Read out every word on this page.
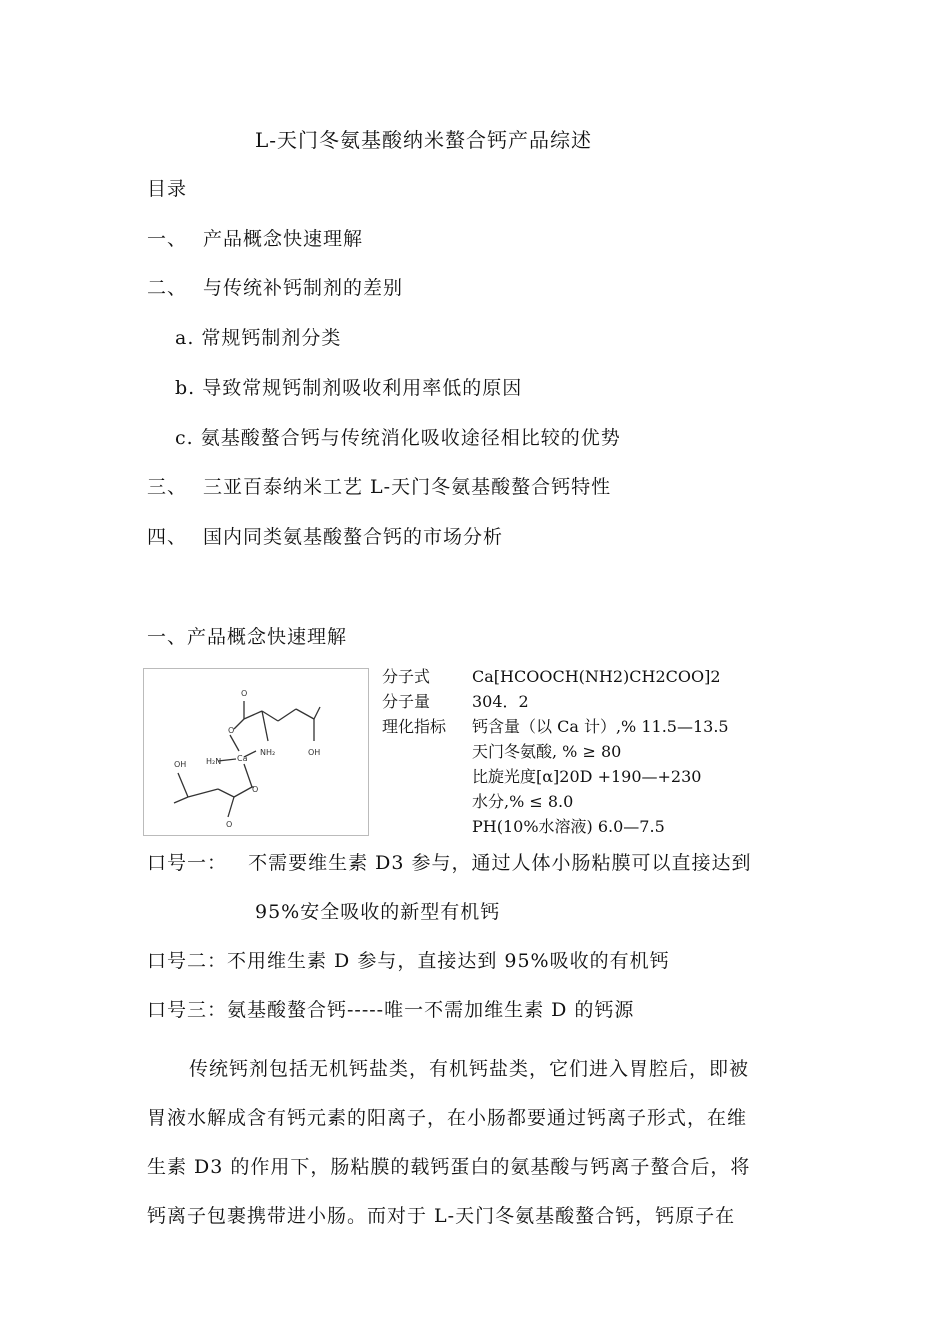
L-天门冬氨基酸纳米螯合钙产品综述
目录
一、 产品概念快速理解
二、 与传统补钙制剂的差别
a. 常规钙制剂分类
b. 导致常规钙制剂吸收利用率低的原因
c. 氨基酸螯合钙与传统消化吸收途径相比较的优势
三、 三亚百泰纳米工艺 L-天门冬氨基酸螯合钙特性
四、 国内同类氨基酸螯合钙的市场分析
一、产品概念快速理解
O
OH
O
H₂N Ca
NH₂
OH
O
O
分子式	Ca[HCOOCH(NH2)CH2COO]2
分子量	304．2
理化指标 钙含量（以 Ca 计）,% 11.5—13.5
天门冬氨酸, % ≥ 80
比旋光度[α]20D +190—+230
水分,% ≤ 8.0
PH(10%水溶液) 6.0—7.5
口号一： 不需要维生素 D3 参与，通过人体小肠粘膜可以直接达到
95%安全吸收的新型有机钙
口号二：不用维生素 D 参与，直接达到 95%吸收的有机钙
口号三：氨基酸螯合钙-----唯一不需加维生素 D 的钙源

传统钙剂包括无机钙盐类，有机钙盐类，它们进入胃腔后，即被

胃液水解成含有钙元素的阳离子，在小肠都要通过钙离子形式，在维

生素 D3 的作用下，肠粘膜的载钙蛋白的氨基酸与钙离子螯合后，将

钙离子包裹携带进小肠。而对于 L-天门冬氨基酸螯合钙，钙原子在
